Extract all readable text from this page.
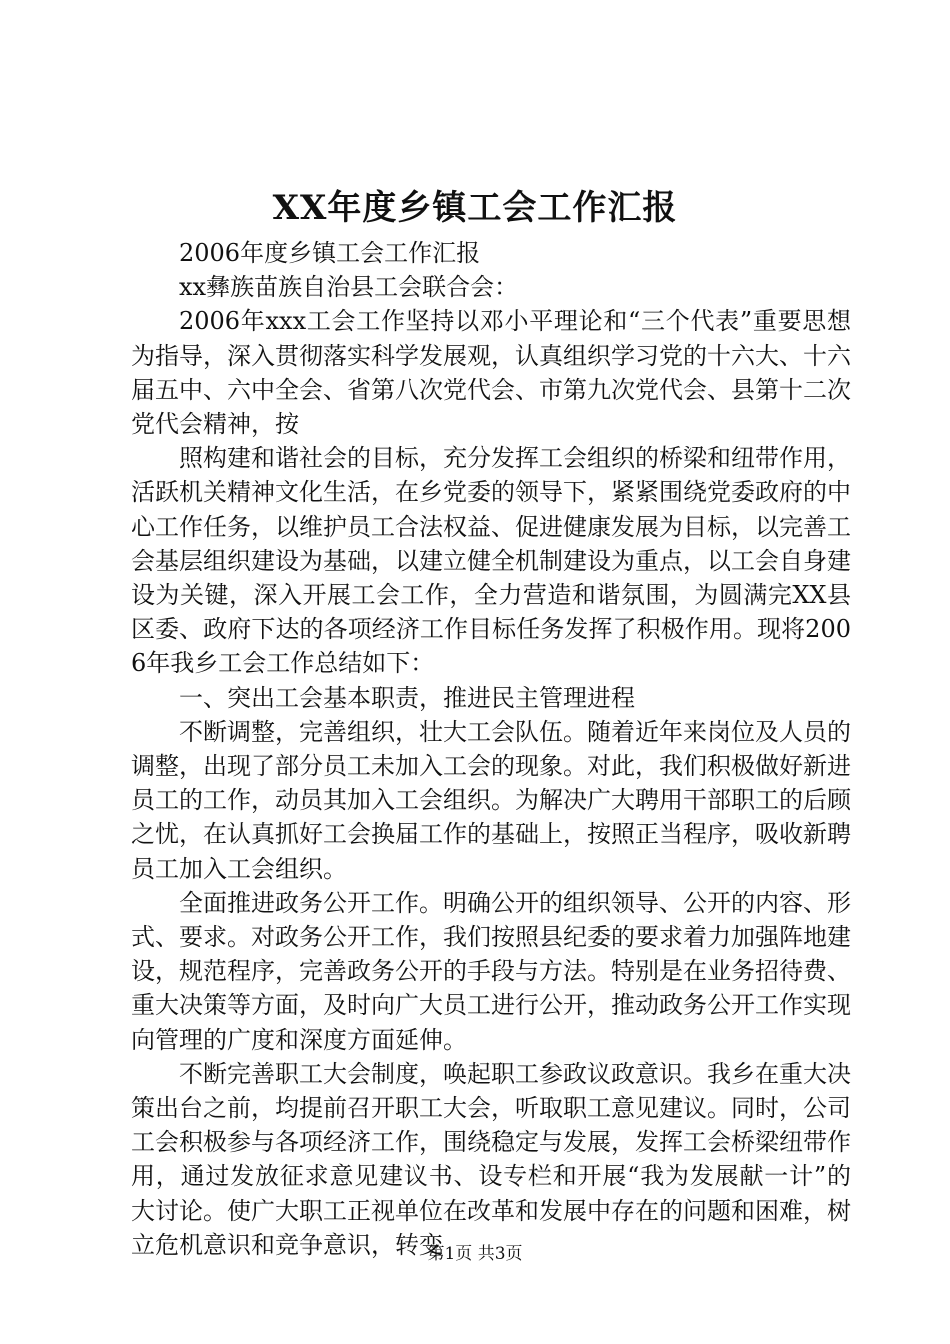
XX年度乡镇工会工作汇报

2006年度乡镇工会工作汇报

xx彝族苗族自治县工会联合会：

2006年xxx工会工作坚持以邓小平理论和“三个代表”重要思想为指导，深入贯彻落实科学发展观，认真组织学习党的十六大、十六届五中、六中全会、省第八次党代会、市第九次党代会、县第十二次党代会精神，按

照构建和谐社会的目标，充分发挥工会组织的桥梁和纽带作用，活跃机关精神文化生活，在乡党委的领导下，紧紧围绕党委政府的中心工作任务，以维护员工合法权益、促进健康发展为目标，以完善工会基层组织建设为基础，以建立健全机制建设为重点，以工会自身建设为关键，深入开展工会工作，全力营造和谐氛围，为圆满完XX县区委、政府下达的各项经济工作目标任务发挥了积极作用。现将2006年我乡工会工作总结如下：

一、突出工会基本职责，推进民主管理进程

不断调整，完善组织，壮大工会队伍。随着近年来岗位及人员的调整，出现了部分员工未加入工会的现象。对此，我们积极做好新进员工的工作，动员其加入工会组织。为解决广大聘用干部职工的后顾之忧，在认真抓好工会换届工作的基础上，按照正当程序，吸收新聘员工加入工会组织。

全面推进政务公开工作。明确公开的组织领导、公开的内容、形式、要求。对政务公开工作，我们按照县纪委的要求着力加强阵地建设，规范程序，完善政务公开的手段与方法。特别是在业务招待费、重大决策等方面，及时向广大员工进行公开，推动政务公开工作实现向管理的广度和深度方面延伸。

不断完善职工大会制度，唤起职工参政议政意识。我乡在重大决策出台之前，均提前召开职工大会，听取职工意见建议。同时，公司工会积极参与各项经济工作，围绕稳定与发展，发挥工会桥梁纽带作用，通过发放征求意见建议书、设专栏和开展“我为发展献一计”的大讨论。使广大职工正视单位在改革和发展中存在的问题和困难，树立危机意识和竞争意识，转变

第1页 共3页
